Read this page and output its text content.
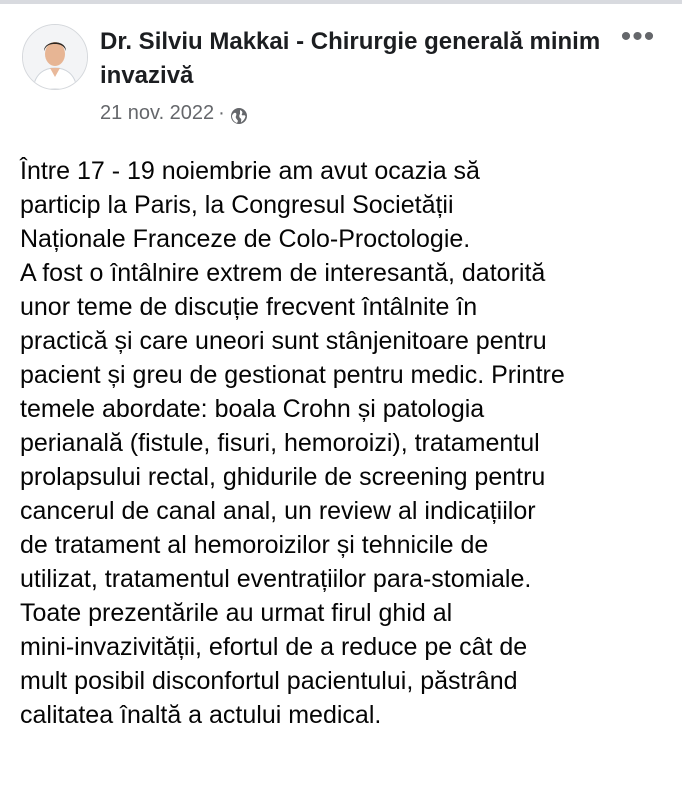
Dr. Silviu Makkai - Chirurgie generală minim invazivă
21 nov. 2022 ·
•••
Între 17 - 19 noiembrie am avut ocazia să
particip la Paris, la Congresul Societății
Naționale Franceze de Colo-Proctologie.
A fost o întâlnire extrem de interesantă, datorită
unor teme de discuție frecvent întâlnite în
practică și care uneori sunt stânjenitoare pentru
pacient și greu de gestionat pentru medic. Printre
temele abordate: boala Crohn și patologia
perianală (fistule, fisuri, hemoroizi), tratamentul
prolapsului rectal, ghidurile de screening pentru
cancerul de canal anal, un review al indicațiilor
de tratament al hemoroizilor și tehnicile de
utilizat, tratamentul eventrațiilor para-stomiale.
Toate prezentările au urmat firul ghid al
mini-invazivității, efortul de a reduce pe cât de
mult posibil disconfortul pacientului, păstrând
calitatea înaltă a actului medical.
